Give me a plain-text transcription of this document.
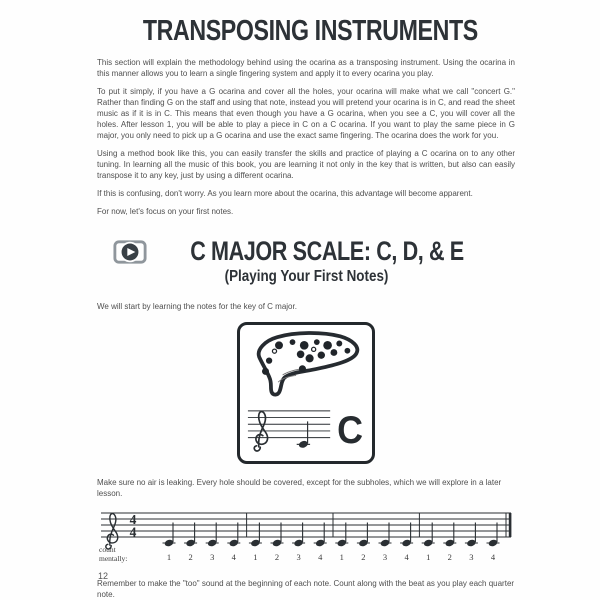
TRANSPOSING INSTRUMENTS

This section will explain the methodology behind using the ocarina as a transposing instrument. Using the ocarina in this manner allows you to learn a single fingering system and apply it to every ocarina you play.

To put it simply, if you have a G ocarina and cover all the holes, your ocarina will make what we call "concert G." Rather than finding G on the staff and using that note, instead you will pretend your ocarina is in C, and read the sheet music as if it is in C. This means that even though you have a G ocarina, when you see a C, you will cover all the holes. After lesson 1, you will be able to play a piece in C on a C ocarina. If you want to play the same piece in G major, you only need to pick up a G ocarina and use the exact same fingering. The ocarina does the work for you.

Using a method book like this, you can easily transfer the skills and practice of playing a C ocarina on to any other tuning. In learning all the music of this book, you are learning it not only in the key that is written, but also can easily transpose it to any key, just by using a different ocarina.

If this is confusing, don't worry. As you learn more about the ocarina, this advantage will become apparent.

For now, let's focus on your first notes.

C MAJOR SCALE: C, D, & E
(Playing Your First Notes)

We will start by learning the notes for the key of C major.

C

Make sure no air is leaking. Every hole should be covered, except for the subholes, which we will explore in a later lesson.

4
4
1 2 3 4 1 2 3 4 1 2 3 4 1 2 3 4
count
mentally:

Remember to make the "too" sound at the beginning of each note. Count along with the beat as you play each quarter note.

12
